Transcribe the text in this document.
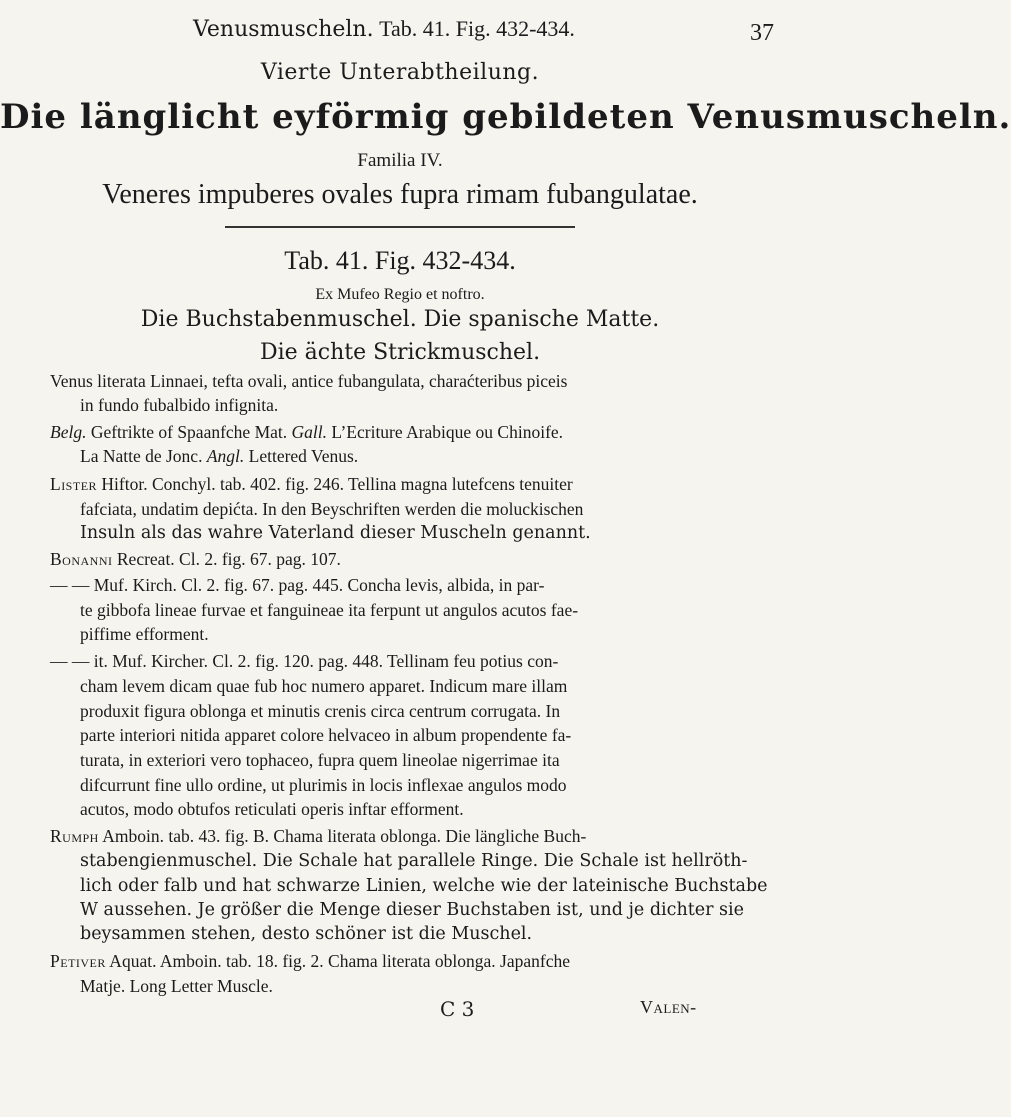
Venusmuscheln. Tab. 41. Fig. 432-434.	37
Vierte Unterabtheilung.
Die länglicht eyförmig gebildeten Venusmuscheln.
Familia IV.
Veneres impuberes ovales fupra rimam fubangulatae.
Tab. 41. Fig. 432-434.
Ex Mufeo Regio et noftro.
Die Buchstabenmuschel. Die spanische Matte.
Die ächte Strickmuschel.
Venus literata Linnaei, tefta ovali, antice fubangulata, charaćteribus piceis
in fundo fubalbido infignita.
Belg. Geftrikte of Spaanfche Mat. Gall. L’Ecriture Arabique ou Chinoife.
La Natte de Jonc. Angl. Lettered Venus.
Lister Hiftor. Conchyl. tab. 402. fig. 246. Tellina magna lutefcens tenuiter
fafciata, undatim depićta. In den Beyschriften werden die moluckischen
Insuln als das wahre Vaterland dieser Muscheln genannt.
Bonanni Recreat. Cl. 2. fig. 67. pag. 107.
— — Muf. Kirch. Cl. 2. fig. 67. pag. 445. Concha levis, albida, in par-
te gibbofa lineae furvae et fanguineae ita ferpunt ut angulos acutos fae-
piffime efforment.
— — it. Muf. Kircher. Cl. 2. fig. 120. pag. 448. Tellinam feu potius con-
cham levem dicam quae fub hoc numero apparet. Indicum mare illam
produxit figura oblonga et minutis crenis circa centrum corrugata. In
parte interiori nitida apparet colore helvaceo in album propendente fa-
turata, in exteriori vero tophaceo, fupra quem lineolae nigerrimae ita
difcurrunt fine ullo ordine, ut plurimis in locis inflexae angulos modo
acutos, modo obtufos reticulati operis inftar efforment.
Rumph Amboin. tab. 43. fig. B. Chama literata oblonga. Die längliche Buch-
stabengienmuschel. Die Schale hat parallele Ringe. Die Schale ist hellröth-
lich oder falb und hat schwarze Linien, welche wie der lateinische Buchstabe
W aussehen. Je größer die Menge dieser Buchstaben ist, und je dichter sie
beysammen stehen, desto schöner ist die Muschel.
Petiver Aquat. Amboin. tab. 18. fig. 2. Chama literata oblonga. Japanfche
Matje. Long Letter Muscle.
C 3	Valen-
